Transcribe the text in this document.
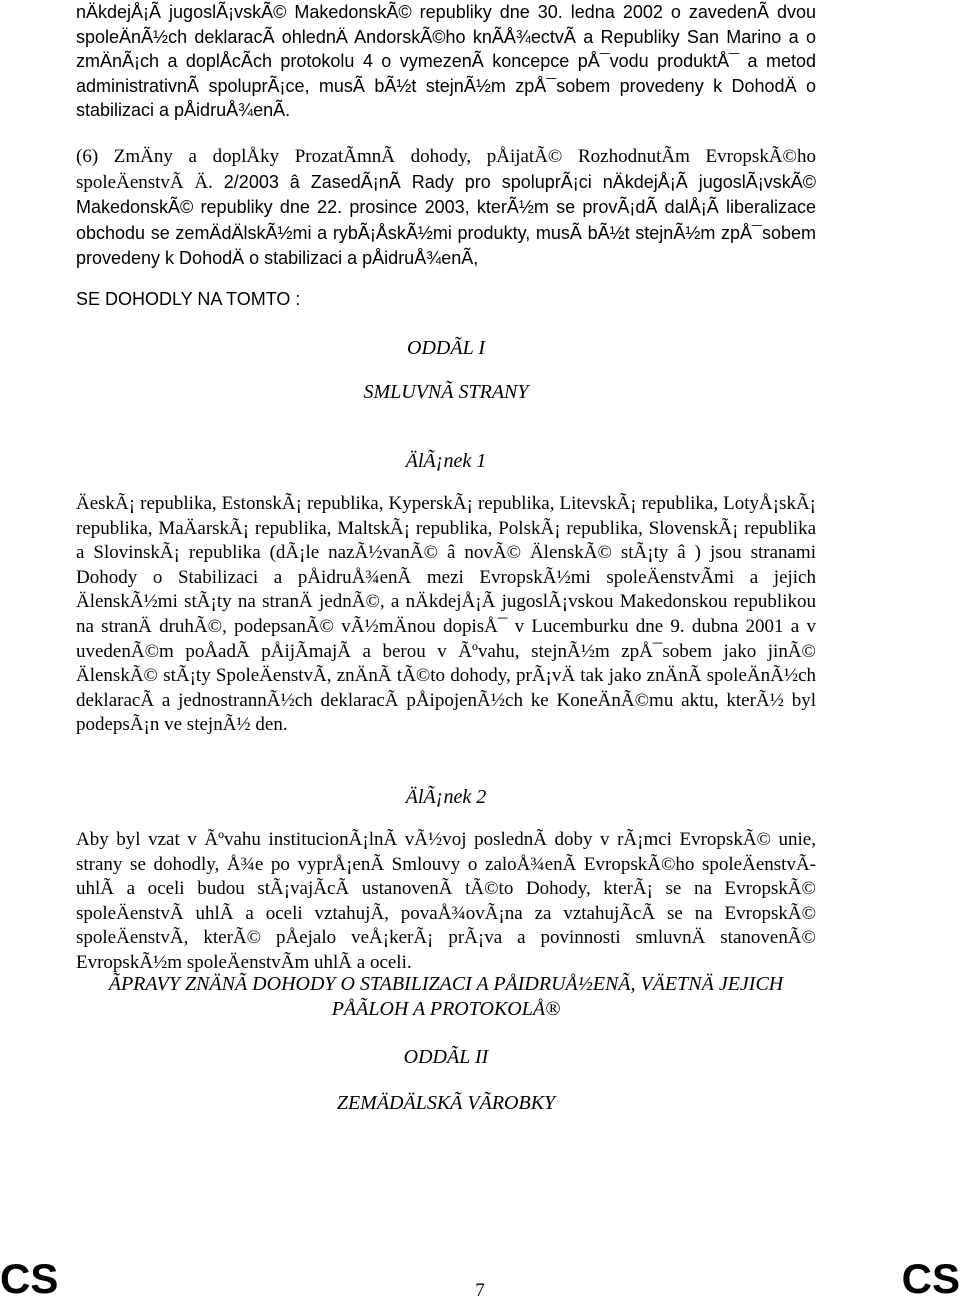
nÄkdejÅ¡Ã jugoslÃ¡vskÃ© MakedonskÃ© republiky dne 30. ledna 2002 o zavedenÃ dvou spoleÄnÃ½ch deklaracÃ ohlednÄ AndorskÃ©ho knÃÅ¾ectvÃ a Republiky San Marino a o zmÄnÃ¡ch a doplÅcÃch protokolu 4 o vymezenÃ koncepce pÅ¯vodu produktÅ¯ a metod administrativnÃ spoluprÃ¡ce, musÃ bÃ½t stejnÃ½m zpÅ¯sobem provedeny k DohodÄ o stabilizaci a pÅidruÅ¾enÃ.

(6) ZmÄny a doplÅky ProzatÃmnÃ dohody, pÅijatÃ© RozhodnutÃm EvropskÃ©ho spoleÄenstvÃ Ä. 2/2003 â ZasedÃ¡nÃ Rady pro spoluprÃ¡ci nÄkdejÅ¡Ã jugoslÃ¡vskÃ© MakedonskÃ© republiky dne 22. prosince 2003, kterÃ½m se provÃ¡dÃ dalÅ¡Ã liberalizace obchodu se zemÄdÄlskÃ½mi a rybÃ¡ÅskÃ½mi produkty, musÃ bÃ½t stejnÃ½m zpÅ¯sobem provedeny k DohodÄ o stabilizaci a pÅidruÅ¾enÃ,

SE DOHODLY NA TOMTO :

ODDÃL I

SMLUVNÃ STRANY

ÄlÃ¡nek 1

ÄeskÃ¡ republika, EstonskÃ¡ republika, KyperskÃ¡ republika, LitevskÃ¡ republika, LotyÅ¡skÃ¡ republika, MaÄarskÃ¡ republika, MaltskÃ¡ republika, PolskÃ¡ republika, SlovenskÃ¡ republika a SlovinskÃ¡ republika (dÃ¡le nazÃ½vanÃ© â novÃ© ÄlenskÃ© stÃ¡ty â ) jsou stranami Dohody o Stabilizaci a pÅidruÅ¾enÃ mezi EvropskÃ½mi spoleÄenstvÃmi a jejich ÄlenskÃ½mi stÃ¡ty na stranÄ jednÃ©, a nÄkdejÅ¡Ã jugoslÃ¡vskou Makedonskou republikou na stranÄ druhÃ©, podepsanÃ© vÃ½mÄnou dopisÅ¯ v Lucemburku dne 9. dubna 2001 a v uvedenÃ©m poÅadÃ pÅijÃmajÃ a berou v Ãºvahu, stejnÃ½m zpÅ¯sobem jako jinÃ© ÄlenskÃ© stÃ¡ty SpoleÄenstvÃ, znÄnÃ tÃ©to dohody, prÃ¡vÄ tak jako znÄnÃ spoleÄnÃ½ch deklaracÃ a jednostrannÃ½ch deklaracÃ pÅipojenÃ½ch ke KoneÄnÃ©mu aktu, kterÃ½ byl podepsÃ¡n ve stejnÃ½ den.

ÄlÃ¡nek 2

Aby byl vzat v Ãºvahu institucionÃ¡lnÃ vÃ½voj poslednÃ doby v rÃ¡mci EvropskÃ© unie, strany se dohodly, Å¾e po vyprÅ¡enÃ Smlouvy o zaloÅ¾enÃ EvropskÃ©ho spoleÄenstvÃ uhlÃ a oceli budou stÃ¡vajÃcÃ ustanovenÃ tÃ©to Dohody, kterÃ¡ se na EvropskÃ© spoleÄenstvÃ uhlÃ a oceli vztahujÃ, povaÅ¾ovÃ¡na za vztahujÃcÃ se na EvropskÃ© spoleÄenstvÃ, kterÃ© pÅejalo veÅ¡kerÃ¡ prÃ¡va a povinnosti smluvnÄ stanovenÃ© EvropskÃ½m spoleÄenstvÃm uhlÃ a oceli.

ÃPRAVY ZNÄNÃ DOHODY O STABILIZACI A PÅIDRUÅ½ENÃ, VÄETNÄ JEJICH
PÅÃLOH A PROTOKOLÅ®

ODDÃL II

ZEMÄDÄLSKÃ VÃROBKY

CS	7	CS
